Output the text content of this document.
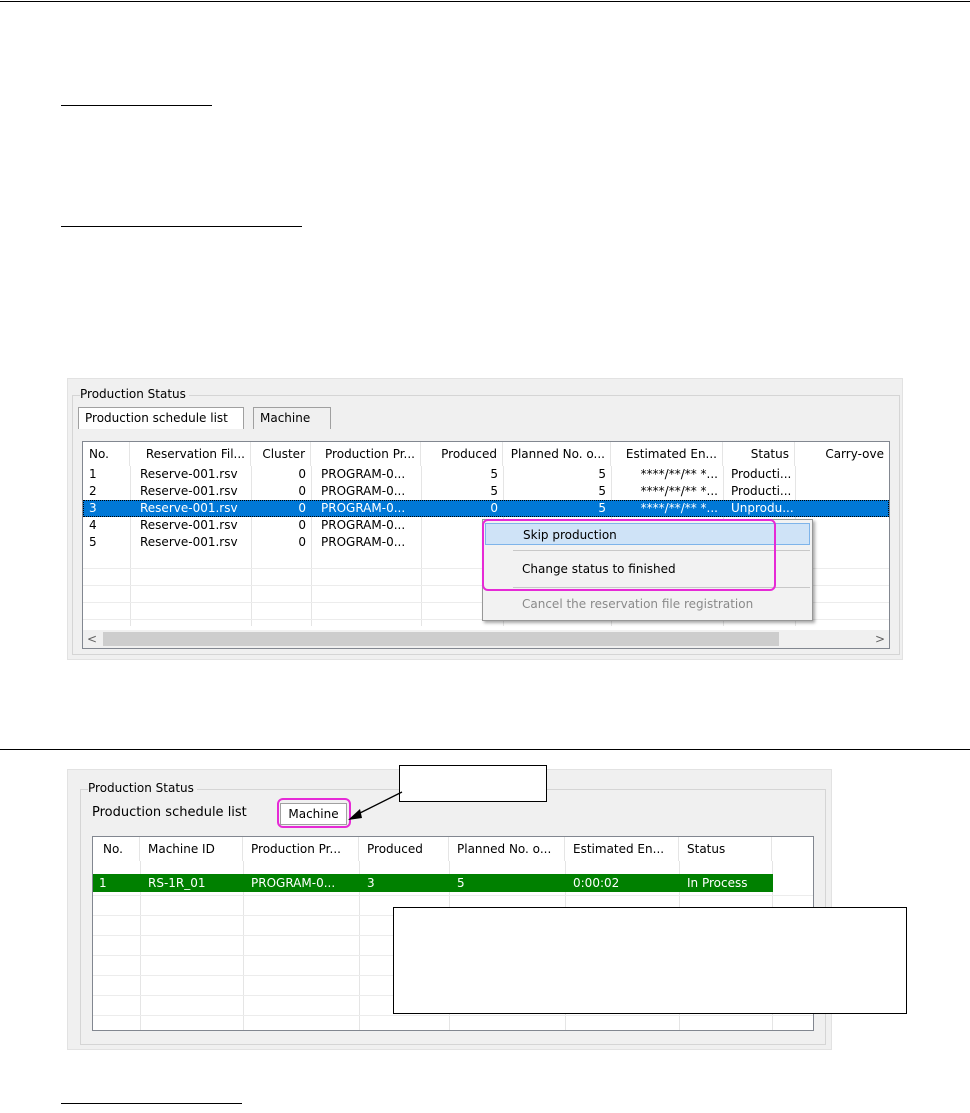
Production Status
Production schedule list	Machine
No.	Reservation Fil...	Cluster	Production Pr...	Produced	Planned No. o...	Estimated En...	Status	Carry-ove
1	Reserve-001.rsv	0	PROGRAM-0...	5	5	****/**/** *...	Producti...
2	Reserve-001.rsv	0	PROGRAM-0...	5	5	****/**/** *...	Producti...
3	Reserve-001.rsv	0	PROGRAM-0...	0	5	****/**/** *...	Unprodu...
4	Reserve-001.rsv	0	PROGRAM-0...
5	Reserve-001.rsv	0	PROGRAM-0...
<	>
Skip production
Change status to finished
Cancel the reservation file registration
Production Status
Production schedule list	Machine
No.	Machine ID	Production Pr...	Produced	Planned No. o...	Estimated En...	Status
1	RS-1R_01	PROGRAM-0...	3	5	0:00:02	In Process
